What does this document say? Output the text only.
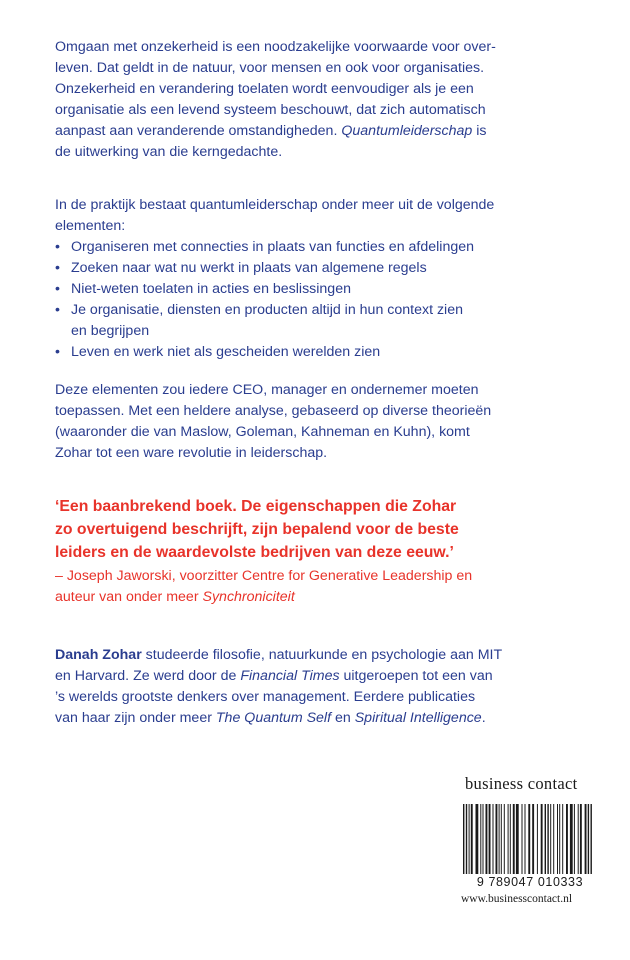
Omgaan met onzekerheid is een noodzakelijke voorwaarde voor over-

leven. Dat geldt in de natuur, voor mensen en ook voor organisaties.

Onzekerheid en verandering toelaten wordt eenvoudiger als je een

organisatie als een levend systeem beschouwt, dat zich automatisch

aanpast aan veranderende omstandigheden. Quantumleiderschap is

de uitwerking van die kerngedachte.

In de praktijk bestaat quantumleiderschap onder meer uit de volgende

elementen:

• Organiseren met connecties in plaats van functies en afdelingen
• Zoeken naar wat nu werkt in plaats van algemene regels
• Niet-weten toelaten in acties en beslissingen
• Je organisatie, diensten en producten altijd in hun context zien
en begrijpen
• Leven en werk niet als gescheiden werelden zien

Deze elementen zou iedere CEO, manager en ondernemer moeten

toepassen. Met een heldere analyse, gebaseerd op diverse theorieën

(waaronder die van Maslow, Goleman, Kahneman en Kuhn), komt

Zohar tot een ware revolutie in leiderschap.

‘Een baanbrekend boek. De eigenschappen die Zohar

zo overtuigend beschrijft, zijn bepalend voor de beste

leiders en de waardevolste bedrijven van deze eeuw.’

– Joseph Jaworski, voorzitter Centre for Generative Leadership en

auteur van onder meer Synchroniciteit

Danah Zohar studeerde filosofie, natuurkunde en psychologie aan MIT

en Harvard. Ze werd door de Financial Times uitgeroepen tot een van

’s werelds grootste denkers over management. Eerdere publicaties

van haar zijn onder meer The Quantum Self en Spiritual Intelligence.

business contact
9 789047 010333
www.businesscontact.nl
